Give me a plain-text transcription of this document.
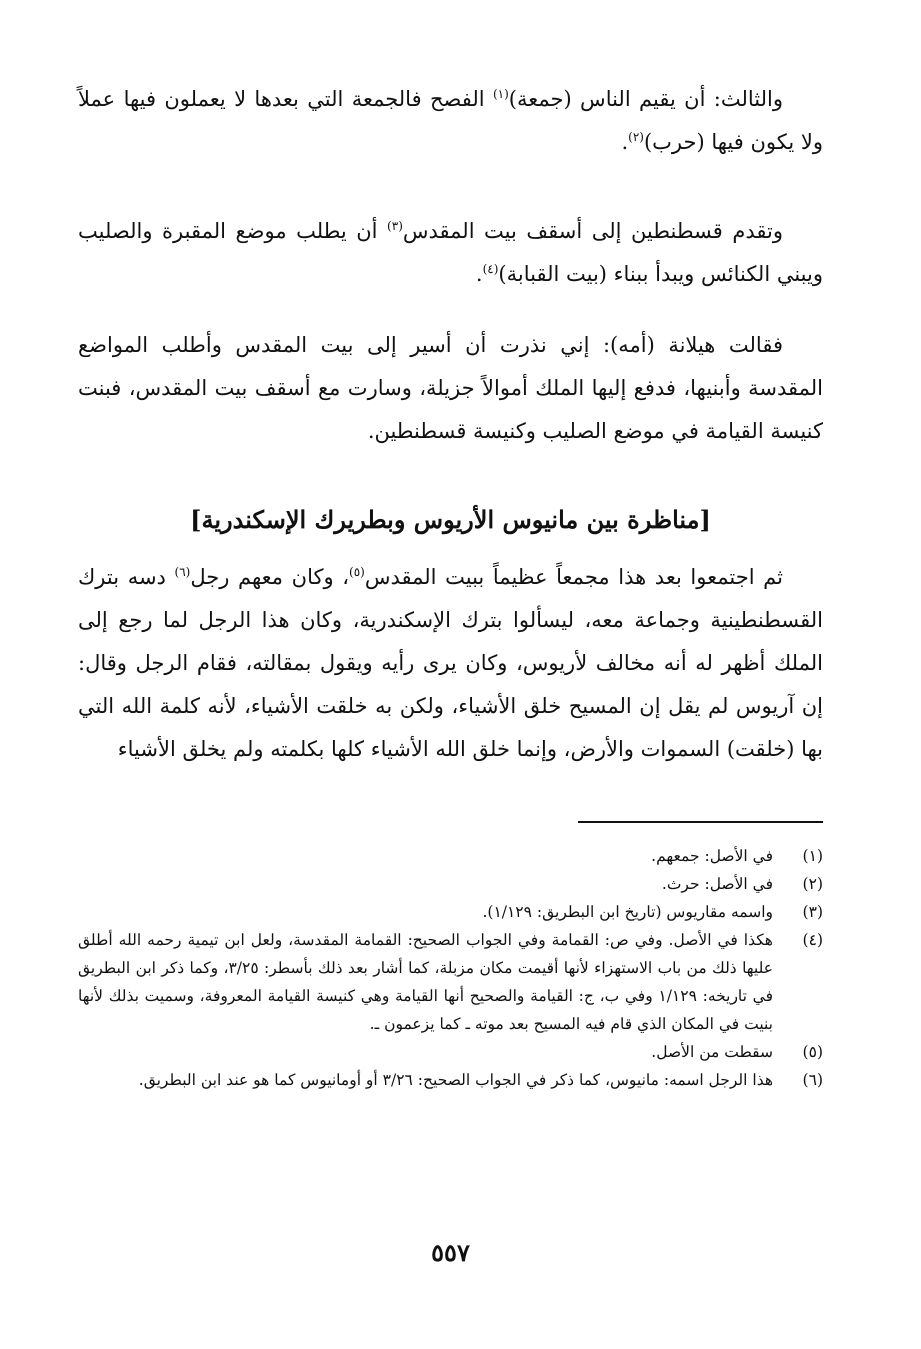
والثالث: أن يقيم الناس (جمعة)$^{(١)}$ الفصح فالجمعة التي بعدها لا يعملون فيها عملاً ولا يكون فيها (حرب)$^{(٢)}$.

وتقدم قسطنطين إلى أسقف بيت المقدس$^{(٣)}$ أن يطلب موضع المقبرة والصليب ويبني الكنائس ويبدأ ببناء (بيت القبابة)$^{(٤)}$.

فقالت هيلانة (أمه): إني نذرت أن أسير إلى بيت المقدس وأطلب المواضع المقدسة وأبنيها، فدفع إليها الملك أموالاً جزيلة، وسارت مع أسقف بيت المقدس، فبنت كنيسة القيامة في موضع الصليب وكنيسة قسطنطين.

[مناظرة بين مانيوس الأريوس وبطريرك الإسكندرية]

ثم اجتمعوا بعد هذا مجمعاً عظيماً ببيت المقدس$^{(٥)}$، وكان معهم رجل$^{(٦)}$ دسه بترك القسطنطينية وجماعة معه، ليسألوا بترك الإسكندرية، وكان هذا الرجل لما رجع إلى الملك أظهر له أنه مخالف لأريوس، وكان يرى رأيه ويقول بمقالته، فقام الرجل وقال: إن آريوس لم يقل إن المسيح خلق الأشياء، ولكن به خلقت الأشياء، لأنه كلمة الله التي بها (خلقت) السموات والأرض، وإنما خلق الله الأشياء كلها بكلمته ولم يخلق الأشياء

(١)
في الأصل: جمعهم.
(٢)
في الأصل: حرث.
(٣)
واسمه مقاريوس (تاريخ ابن البطريق: ١/١٢٩).
(٤)
هكذا في الأصل. وفي ص: القمامة وفي الجواب الصحيح: القمامة المقدسة، ولعل ابن تيمية رحمه الله أطلق عليها ذلك من باب الاستهزاء لأنها أقيمت مكان مزبلة، كما أشار بعد ذلك بأسطر: ٣/٢٥، وكما ذكر ابن البطريق في تاريخه: ١/١٢٩ وفي ب، ج: القيامة والصحيح أنها القيامة وهي كنيسة القيامة المعروفة، وسميت بذلك لأنها بنيت في المكان الذي قام فيه المسيح بعد موته ـ كما يزعمون ـ.
(٥)
سقطت من الأصل.
(٦)
هذا الرجل اسمه: مانيوس، كما ذكر في الجواب الصحيح: ٣/٢٦ أو أومانيوس كما هو عند ابن البطريق.
٥٥٧
